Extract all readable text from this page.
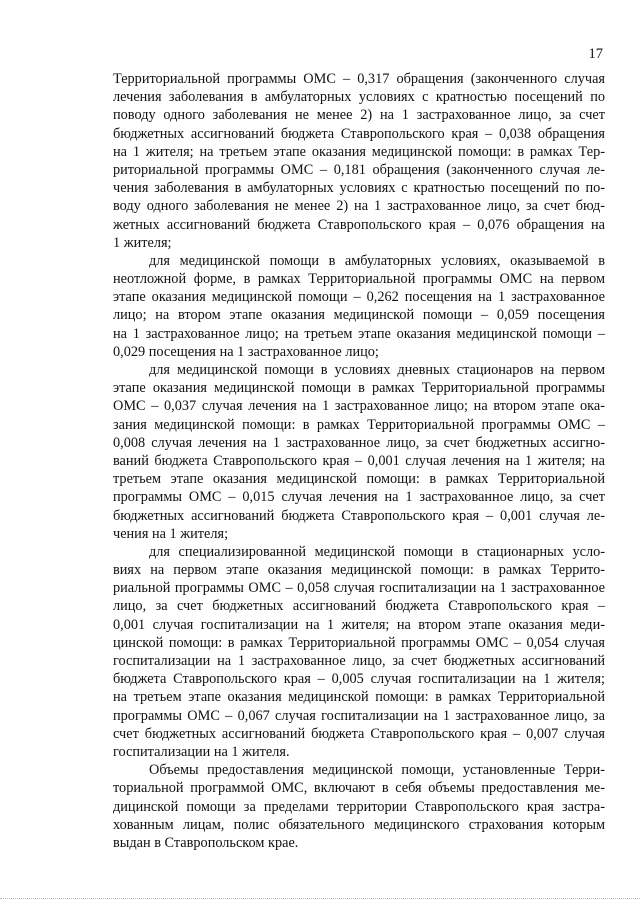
17
Территориальной программы ОМС – 0,317 обращения (законченного случая
лечения заболевания в амбулаторных условиях с кратностью посещений по
поводу одного заболевания не менее 2) на 1 застрахованное лицо, за счет
бюджетных ассигнований бюджета Ставропольского края – 0,038 обращения
на 1 жителя; на третьем этапе оказания медицинской помощи: в рамках Тер-
риториальной программы ОМС – 0,181 обращения (законченного случая ле-
чения заболевания в амбулаторных условиях с кратностью посещений по по-
воду одного заболевания не менее 2) на 1 застрахованное лицо, за счет бюд-
жетных ассигнований бюджета Ставропольского края – 0,076 обращения на
1 жителя;
для медицинской помощи в амбулаторных условиях, оказываемой в
неотложной форме, в рамках Территориальной программы ОМС на первом
этапе оказания медицинской помощи – 0,262 посещения на 1 застрахованное
лицо; на втором этапе оказания медицинской помощи – 0,059 посещения
на 1 застрахованное лицо; на третьем этапе оказания медицинской помощи –
0,029 посещения на 1 застрахованное лицо;
для медицинской помощи в условиях дневных стационаров на первом
этапе оказания медицинской помощи в рамках Территориальной программы
ОМС – 0,037 случая лечения на 1 застрахованное лицо; на втором этапе ока-
зания медицинской помощи: в рамках Территориальной программы ОМС –
0,008 случая лечения на 1 застрахованное лицо, за счет бюджетных ассигно-
ваний бюджета Ставропольского края – 0,001 случая лечения на 1 жителя; на
третьем этапе оказания медицинской помощи: в рамках Территориальной
программы ОМС – 0,015 случая лечения на 1 застрахованное лицо, за счет
бюджетных ассигнований бюджета Ставропольского края – 0,001 случая ле-
чения на 1 жителя;
для специализированной медицинской помощи в стационарных усло-
виях на первом этапе оказания медицинской помощи: в рамках Террито-
риальной программы ОМС – 0,058 случая госпитализации на 1 застрахованное
лицо, за счет бюджетных ассигнований бюджета Ставропольского края –
0,001 случая госпитализации на 1 жителя; на втором этапе оказания меди-
цинской помощи: в рамках Территориальной программы ОМС – 0,054 случая
госпитализации на 1 застрахованное лицо, за счет бюджетных ассигнований
бюджета Ставропольского края – 0,005 случая госпитализации на 1 жителя;
на третьем этапе оказания медицинской помощи: в рамках Территориальной
программы ОМС – 0,067 случая госпитализации на 1 застрахованное лицо, за
счет бюджетных ассигнований бюджета Ставропольского края – 0,007 случая
госпитализации на 1 жителя.
Объемы предоставления медицинской помощи, установленные Терри-
ториальной программой ОМС, включают в себя объемы предоставления ме-
дицинской помощи за пределами территории Ставропольского края застра-
хованным лицам, полис обязательного медицинского страхования которым
выдан в Ставропольском крае.
